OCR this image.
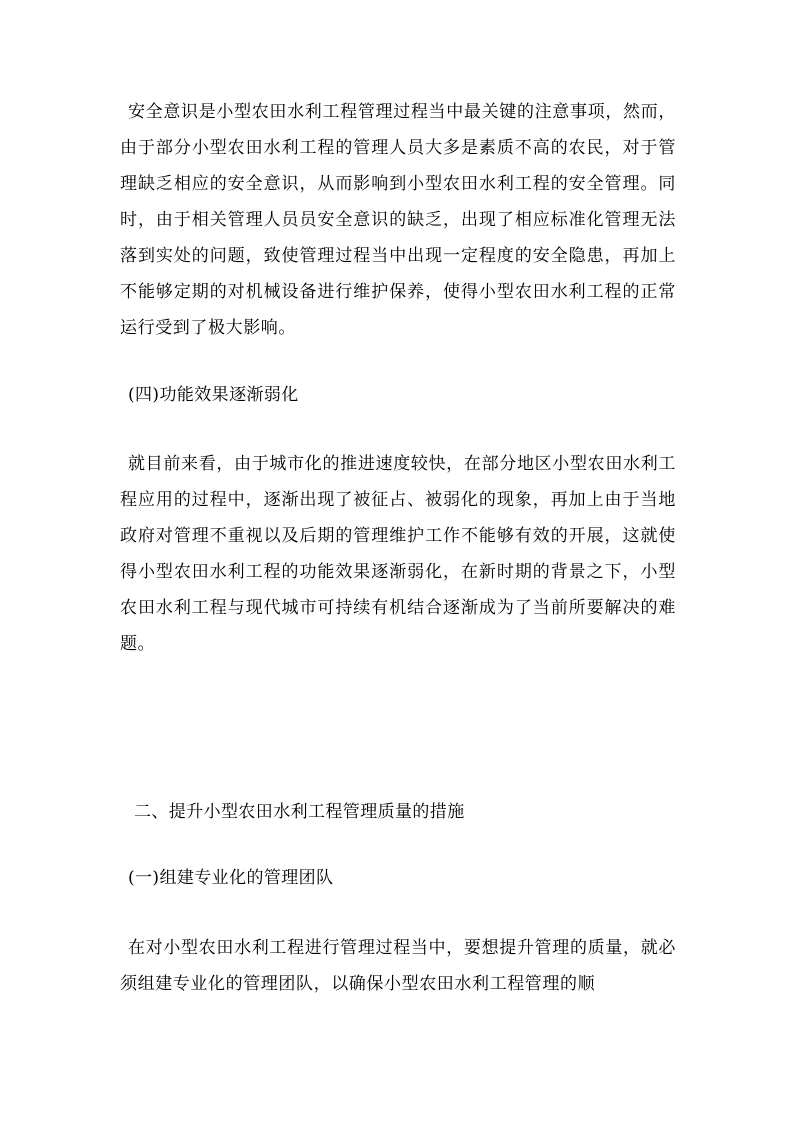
安全意识是小型农田水利工程管理过程当中最关键的注意事项，然而，由于部分小型农田水利工程的管理人员大多是素质不高的农民，对于管理缺乏相应的安全意识，从而影响到小型农田水利工程的安全管理。同时，由于相关管理人员员安全意识的缺乏，出现了相应标准化管理无法落到实处的问题，致使管理过程当中出现一定程度的安全隐患，再加上不能够定期的对机械设备进行维护保养，使得小型农田水利工程的正常运行受到了极大影响。

(四)功能效果逐渐弱化

就目前来看，由于城市化的推进速度较快，在部分地区小型农田水利工程应用的过程中，逐渐出现了被征占、被弱化的现象，再加上由于当地政府对管理不重视以及后期的管理维护工作不能够有效的开展，这就使得小型农田水利工程的功能效果逐渐弱化，在新时期的背景之下，小型农田水利工程与现代城市可持续有机结合逐渐成为了当前所要解决的难题。

二、提升小型农田水利工程管理质量的措施

(一)组建专业化的管理团队

在对小型农田水利工程进行管理过程当中，要想提升管理的质量，就必须组建专业化的管理团队，以确保小型农田水利工程管理的顺
